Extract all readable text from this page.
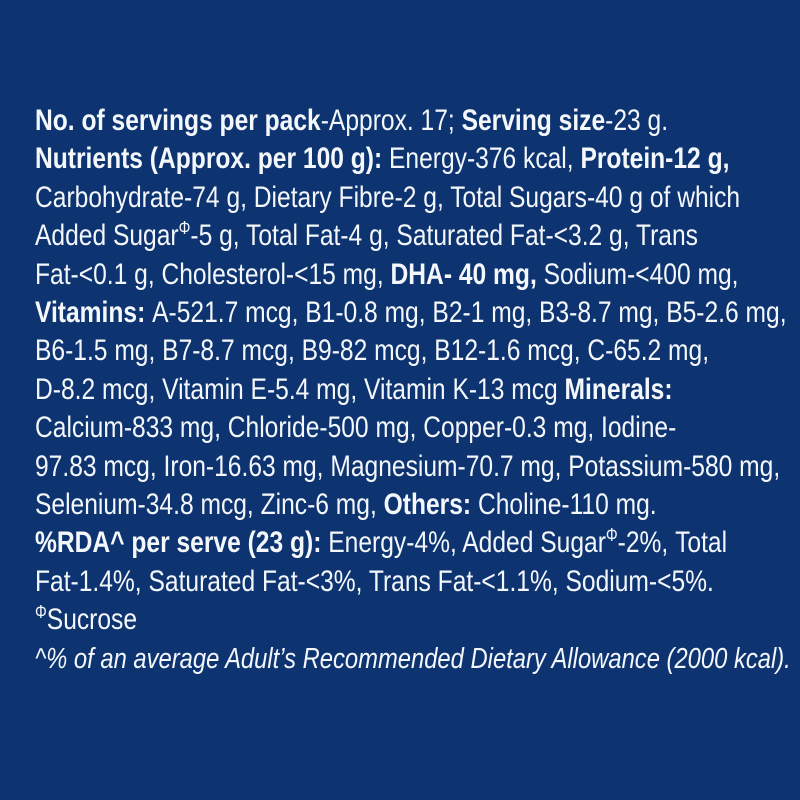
No. of servings per pack-Approx. 17; Serving size-23 g.

Nutrients (Approx. per 100 g): Energy-376 kcal, Protein-12 g,

Carbohydrate-74 g, Dietary Fibre-2 g, Total Sugars-40 g of which

Added Sugar$^\Phi$-5 g, Total Fat-4 g, Saturated Fat-<3.2 g, Trans

Fat-<0.1 g, Cholesterol-<15 mg, DHA- 40 mg, Sodium-<400 mg,

Vitamins: A-521.7 mcg, B1-0.8 mg, B2-1 mg, B3-8.7 mg, B5-2.6 mg,

B6-1.5 mg, B7-8.7 mcg, B9-82 mcg, B12-1.6 mcg, C-65.2 mg,

D-8.2 mcg, Vitamin E-5.4 mg, Vitamin K-13 mcg Minerals:

Calcium-833 mg, Chloride-500 mg, Copper-0.3 mg, Iodine-

97.83 mcg, Iron-16.63 mg, Magnesium-70.7 mg, Potassium-580 mg,

Selenium-34.8 mcg, Zinc-6 mg, Others: Choline-110 mg.

%RDA^ per serve (23 g): Energy-4%, Added Sugar$^\Phi$-2%, Total

Fat-1.4%, Saturated Fat-<3%, Trans Fat-<1.1%, Sodium-<5%.

$^\Phi$Sucrose

^% of an average Adult’s Recommended Dietary Allowance (2000 kcal).
